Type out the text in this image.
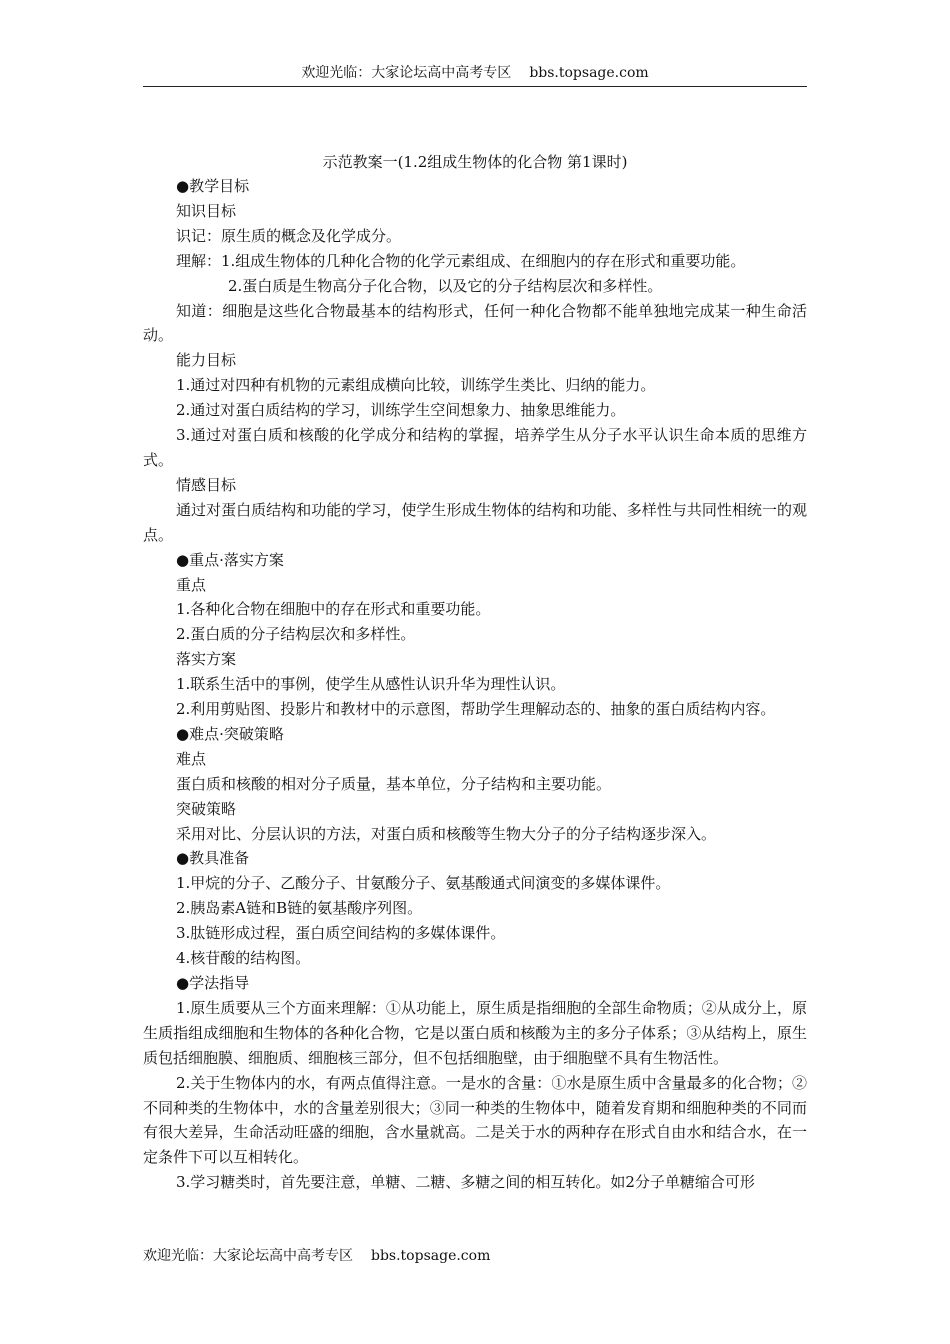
欢迎光临：大家论坛高中高考专区 bbs.topsage.com
示范教案一(1.2组成生物体的化合物 第1课时)

●教学目标

知识目标

识记：原生质的概念及化学成分。

理解：1.组成生物体的几种化合物的化学元素组成、在细胞内的存在形式和重要功能。

2.蛋白质是生物高分子化合物，以及它的分子结构层次和多样性。

知道：细胞是这些化合物最基本的结构形式，任何一种化合物都不能单独地完成某一种生命活动。

能力目标

1.通过对四种有机物的元素组成横向比较，训练学生类比、归纳的能力。

2.通过对蛋白质结构的学习，训练学生空间想象力、抽象思维能力。

3.通过对蛋白质和核酸的化学成分和结构的掌握，培养学生从分子水平认识生命本质的思维方式。

情感目标

通过对蛋白质结构和功能的学习，使学生形成生物体的结构和功能、多样性与共同性相统一的观点。

●重点·落实方案

重点

1.各种化合物在细胞中的存在形式和重要功能。

2.蛋白质的分子结构层次和多样性。

落实方案

1.联系生活中的事例，使学生从感性认识升华为理性认识。

2.利用剪贴图、投影片和教材中的示意图，帮助学生理解动态的、抽象的蛋白质结构内容。

●难点·突破策略

难点

蛋白质和核酸的相对分子质量，基本单位，分子结构和主要功能。

突破策略

采用对比、分层认识的方法，对蛋白质和核酸等生物大分子的分子结构逐步深入。

●教具准备

1.甲烷的分子、乙酸分子、甘氨酸分子、氨基酸通式间演变的多媒体课件。

2.胰岛素A链和B链的氨基酸序列图。

3.肽链形成过程，蛋白质空间结构的多媒体课件。

4.核苷酸的结构图。

●学法指导

1.原生质要从三个方面来理解：①从功能上，原生质是指细胞的全部生命物质；②从成分上，原生质指组成细胞和生物体的各种化合物，它是以蛋白质和核酸为主的多分子体系；③从结构上，原生质包括细胞膜、细胞质、细胞核三部分，但不包括细胞壁，由于细胞壁不具有生物活性。

2.关于生物体内的水，有两点值得注意。一是水的含量：①水是原生质中含量最多的化合物；②不同种类的生物体中，水的含量差别很大；③同一种类的生物体中，随着发育期和细胞种类的不同而有很大差异，生命活动旺盛的细胞，含水量就高。二是关于水的两种存在形式自由水和结合水，在一定条件下可以互相转化。

3.学习糖类时，首先要注意，单糖、二糖、多糖之间的相互转化。如2分子单糖缩合可形

欢迎光临：大家论坛高中高考专区 bbs.topsage.com
